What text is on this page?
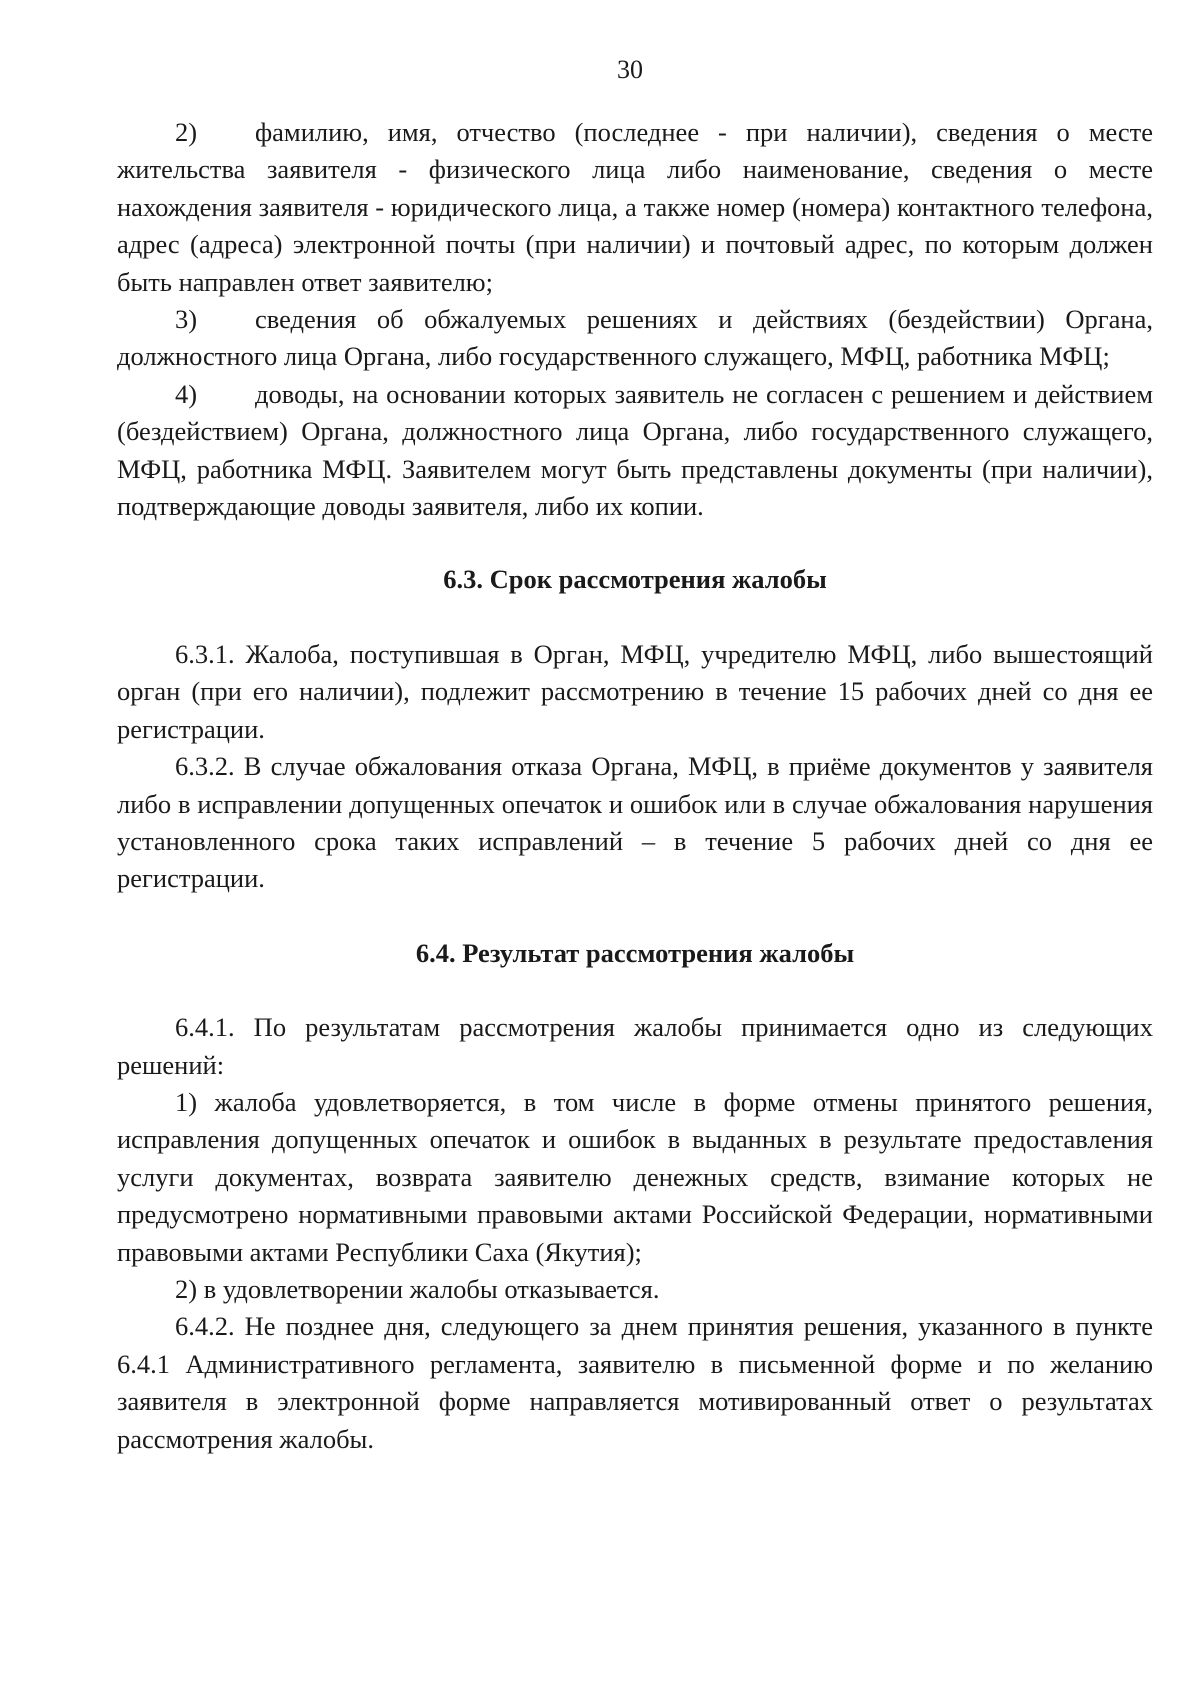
30

2) фамилию, имя, отчество (последнее - при наличии), сведения о месте жительства заявителя - физического лица либо наименование, сведения о месте нахождения заявителя - юридического лица, а также номер (номера) контактного телефона, адрес (адреса) электронной почты (при наличии) и почтовый адрес, по которым должен быть направлен ответ заявителю;

3) сведения об обжалуемых решениях и действиях (бездействии) Органа, должностного лица Органа, либо государственного служащего, МФЦ, работника МФЦ;

4) доводы, на основании которых заявитель не согласен с решением и действием (бездействием) Органа, должностного лица Органа, либо государственного служащего, МФЦ, работника МФЦ. Заявителем могут быть представлены документы (при наличии), подтверждающие доводы заявителя, либо их копии.

6.3. Срок рассмотрения жалобы

6.3.1. Жалоба, поступившая в Орган, МФЦ, учредителю МФЦ, либо вышестоящий орган (при его наличии), подлежит рассмотрению в течение 15 рабочих дней со дня ее регистрации.

6.3.2. В случае обжалования отказа Органа, МФЦ, в приёме документов у заявителя либо в исправлении допущенных опечаток и ошибок или в случае обжалования нарушения установленного срока таких исправлений – в течение 5 рабочих дней со дня ее регистрации.

6.4. Результат рассмотрения жалобы

6.4.1. По результатам рассмотрения жалобы принимается одно из следующих решений:

1) жалоба удовлетворяется, в том числе в форме отмены принятого решения, исправления допущенных опечаток и ошибок в выданных в результате предоставления услуги документах, возврата заявителю денежных средств, взимание которых не предусмотрено нормативными правовыми актами Российской Федерации, нормативными правовыми актами Республики Саха (Якутия);

2) в удовлетворении жалобы отказывается.

6.4.2. Не позднее дня, следующего за днем принятия решения, указанного в пункте 6.4.1 Административного регламента, заявителю в письменной форме и по желанию заявителя в электронной форме направляется мотивированный ответ о результатах рассмотрения жалобы.
